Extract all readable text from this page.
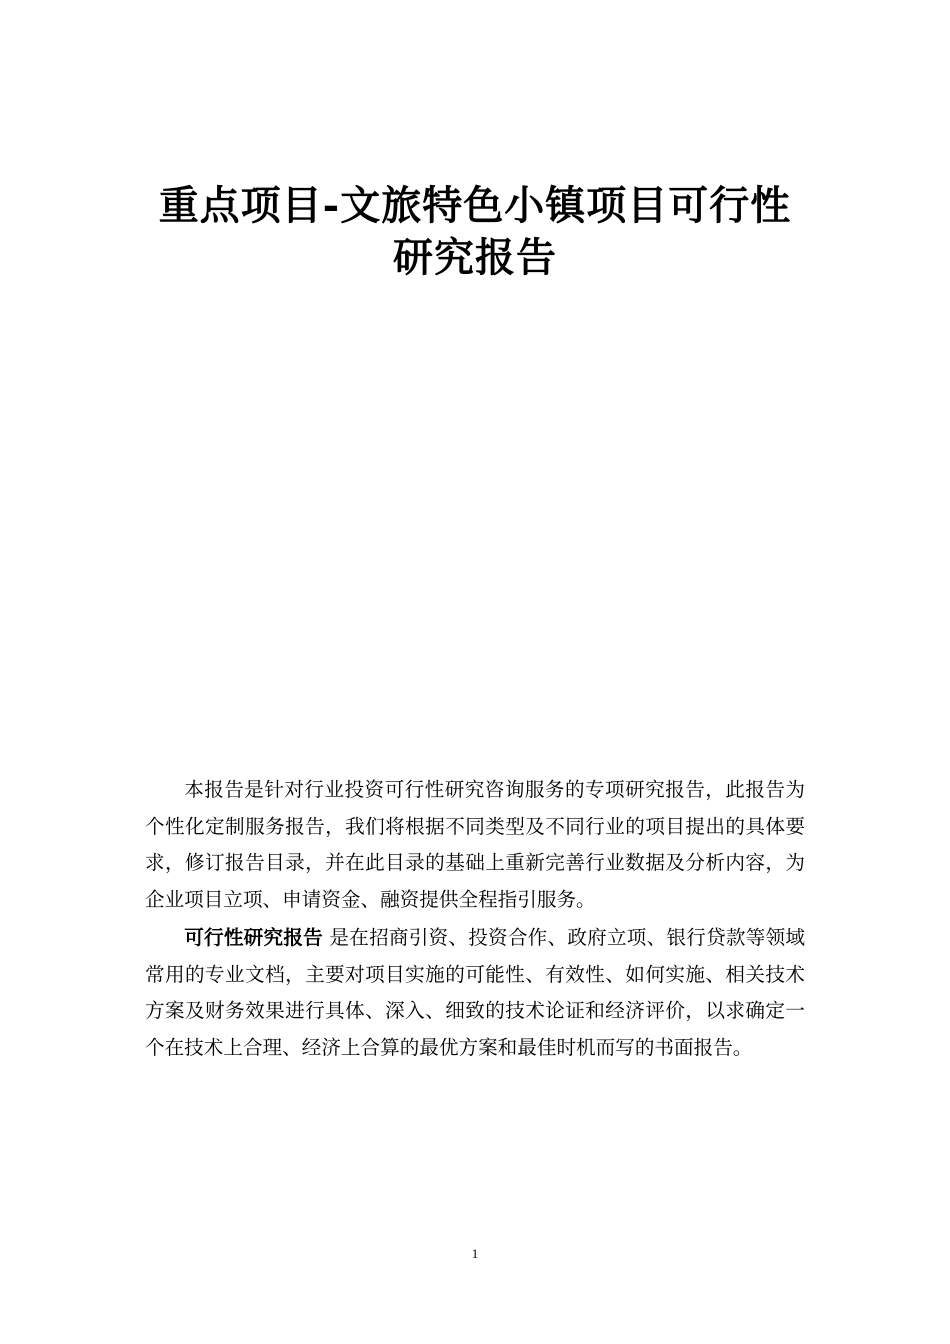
重点项目-文旅特色小镇项目可行性
研究报告

本报告是针对行业投资可行性研究咨询服务的专项研究报告，此报告为个性化定制服务报告，我们将根据不同类型及不同行业的项目提出的具体要求，修订报告目录，并在此目录的基础上重新完善行业数据及分析内容，为企业项目立项、申请资金、融资提供全程指引服务。

可行性研究报告 是在招商引资、投资合作、政府立项、银行贷款等领域常用的专业文档，主要对项目实施的可能性、有效性、如何实施、相关技术方案及财务效果进行具体、深入、细致的技术论证和经济评价，以求确定一个在技术上合理、经济上合算的最优方案和最佳时机而写的书面报告。

1
